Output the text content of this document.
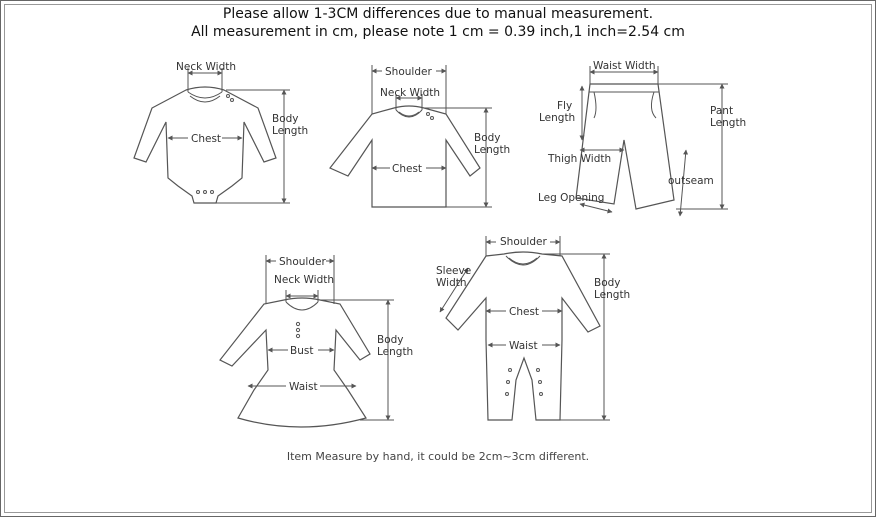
Please allow 1-3CM differences due to manual measurement.
All measurement in cm, please note 1 cm = 0.39 inch,1 inch=2.54 cm
Neck Width
Chest
Body
Length
Shoulder
Neck Width
Chest
Body
Length
Waist Width
Fly
Length
Pant
Length
Thigh Width
outseam
Leg Opening
Shoulder
Neck Width
Bust
Waist
Body
Length
Shoulder
Sleeve
Width
Chest
Waist
Body
Length
Item Measure by hand, it could be 2cm~3cm different.
